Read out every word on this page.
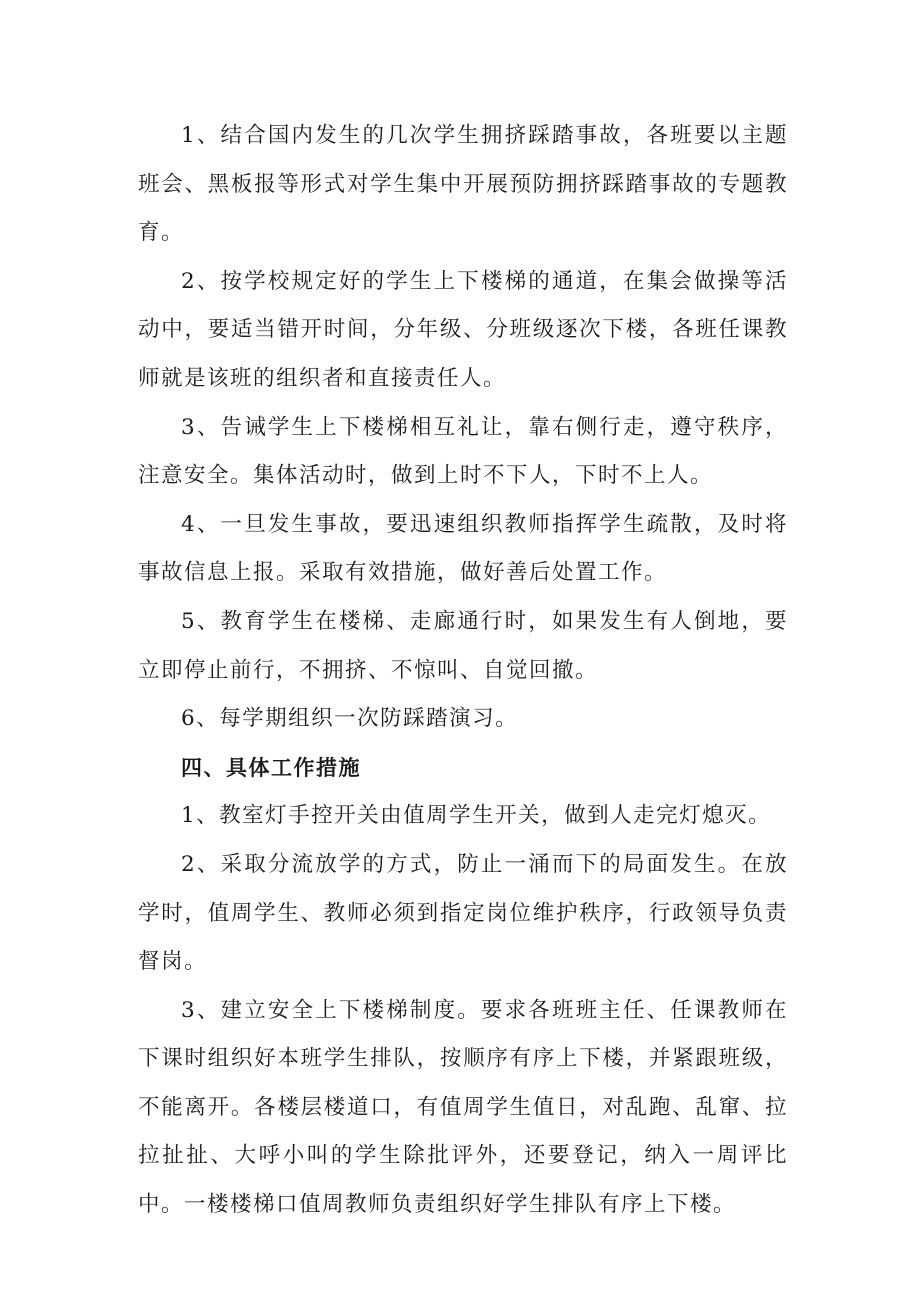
1、结合国内发生的几次学生拥挤踩踏事故，各班要以主题班会、黑板报等形式对学生集中开展预防拥挤踩踏事故的专题教育。

2、按学校规定好的学生上下楼梯的通道，在集会做操等活动中，要适当错开时间，分年级、分班级逐次下楼，各班任课教师就是该班的组织者和直接责任人。

3、告诫学生上下楼梯相互礼让，靠右侧行走，遵守秩序，注意安全。集体活动时，做到上时不下人，下时不上人。

4、一旦发生事故，要迅速组织教师指挥学生疏散，及时将事故信息上报。采取有效措施，做好善后处置工作。

5、教育学生在楼梯、走廊通行时，如果发生有人倒地，要立即停止前行，不拥挤、不惊叫、自觉回撤。

6、每学期组织一次防踩踏演习。

四、具体工作措施

1、教室灯手控开关由值周学生开关，做到人走完灯熄灭。

2、采取分流放学的方式，防止一涌而下的局面发生。在放学时，值周学生、教师必须到指定岗位维护秩序，行政领导负责督岗。

3、建立安全上下楼梯制度。要求各班班主任、任课教师在下课时组织好本班学生排队，按顺序有序上下楼，并紧跟班级，不能离开。各楼层楼道口，有值周学生值日，对乱跑、乱窜、拉拉扯扯、大呼小叫的学生除批评外，还要登记，纳入一周评比中。一楼楼梯口值周教师负责组织好学生排队有序上下楼。
